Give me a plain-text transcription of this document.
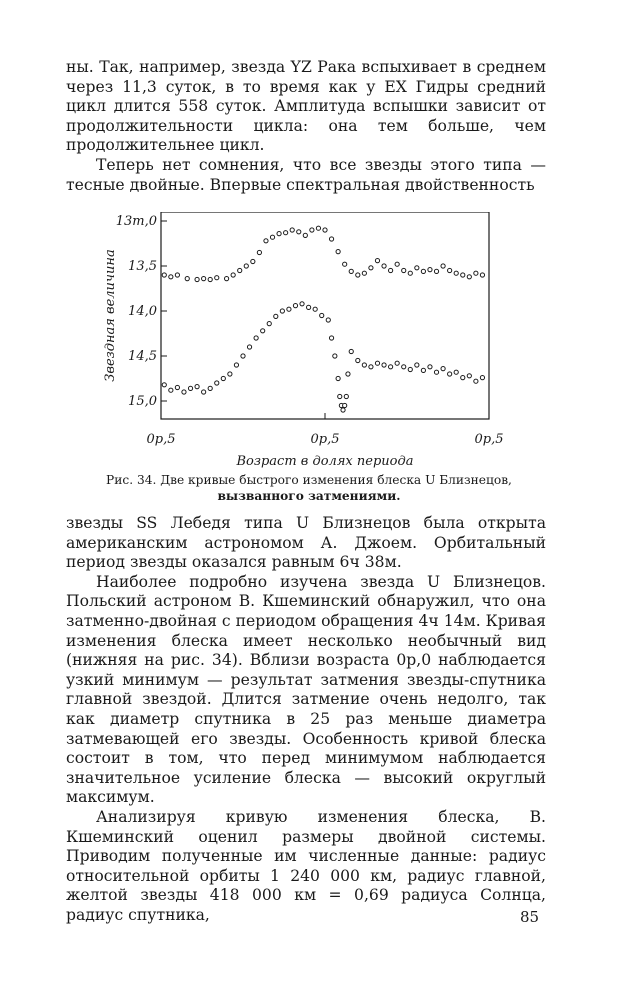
ны. Так, например, звезда YZ Рака вспыхивает в среднем через 11,3 суток, в то время как у EX Гидры средний цикл длится 558 суток. Амплитуда вспышки зависит от продолжительности цикла: она тем больше, чем продолжительнее цикл.
Теперь нет сомнения, что все звезды этого типа — тесные двойные. Впервые спектральная двойственность
13т,0
13,5
14,0
14,5
15,0
0р,5	0р,5	0р,5
Возраст в долях периода
Звездная величина
Рис. 34. Две кривые быстрого изменения блеска U Близнецов,
вызванного затмениями.
звезды SS Лебедя типа U Близнецов была открыта американским астрономом А. Джоем. Орбитальный период звезды оказался равным 6ч 38м.
Наиболее подробно изучена звезда U Близнецов. Польский астроном В. Кшеминский обнаружил, что она затменно-двойная с периодом обращения 4ч 14м. Кривая изменения блеска имеет несколько необычный вид (нижняя на рис. 34). Вблизи возраста 0р,0 наблюдается узкий минимум — результат затмения звезды-спутника главной звездой. Длится затмение очень недолго, так как диаметр спутника в 25 раз меньше диаметра затмевающей его звезды. Особенность кривой блеска состоит в том, что перед минимумом наблюдается значительное усиление блеска — высокий округлый максимум.
Анализируя кривую изменения блеска, В. Кшеминский оценил размеры двойной системы. Приводим полученные им численные данные: радиус относительной орбиты 1 240 000 км, радиус главной, желтой звезды 418 000 км = 0,69 радиуса Солнца, радиус спутника,	85
